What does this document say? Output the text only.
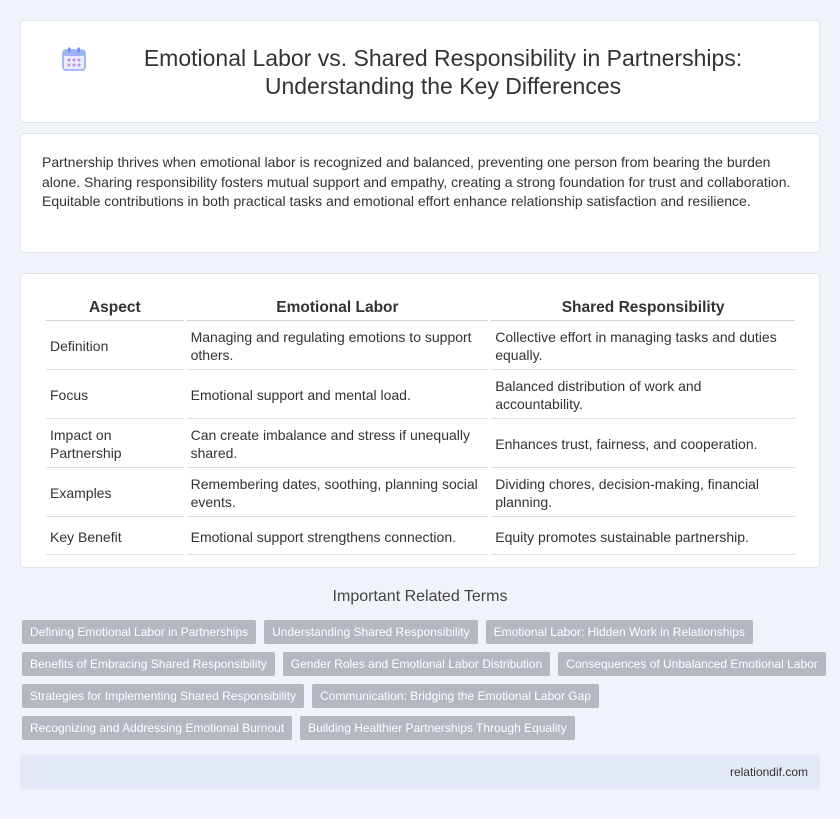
Emotional Labor vs. Shared Responsibility in Partnerships: Understanding the Key Differences

Partnership thrives when emotional labor is recognized and balanced, preventing one person from bearing the burden alone. Sharing responsibility fosters mutual support and empathy, creating a strong foundation for trust and collaboration. Equitable contributions in both practical tasks and emotional effort enhance relationship satisfaction and resilience.

Aspect	Emotional Labor	Shared Responsibility
Definition	Managing and regulating emotions to support others.	Collective effort in managing tasks and duties equally.
Focus	Emotional support and mental load.	Balanced distribution of work and accountability.
Impact on Partnership	Can create imbalance and stress if unequally shared.	Enhances trust, fairness, and cooperation.
Examples	Remembering dates, soothing, planning social events.	Dividing chores, decision-making, financial planning.
Key Benefit	Emotional support strengthens connection.	Equity promotes sustainable partnership.
Important Related Terms
Defining Emotional Labor in Partnerships	Understanding Shared Responsibility	Emotional Labor: Hidden Work in Relationships
Benefits of Embracing Shared Responsibility	Gender Roles and Emotional Labor Distribution	Consequences of Unbalanced Emotional Labor
Strategies for Implementing Shared Responsibility	Communication: Bridging the Emotional Labor Gap
Recognizing and Addressing Emotional Burnout	Building Healthier Partnerships Through Equality
relationdif.com
